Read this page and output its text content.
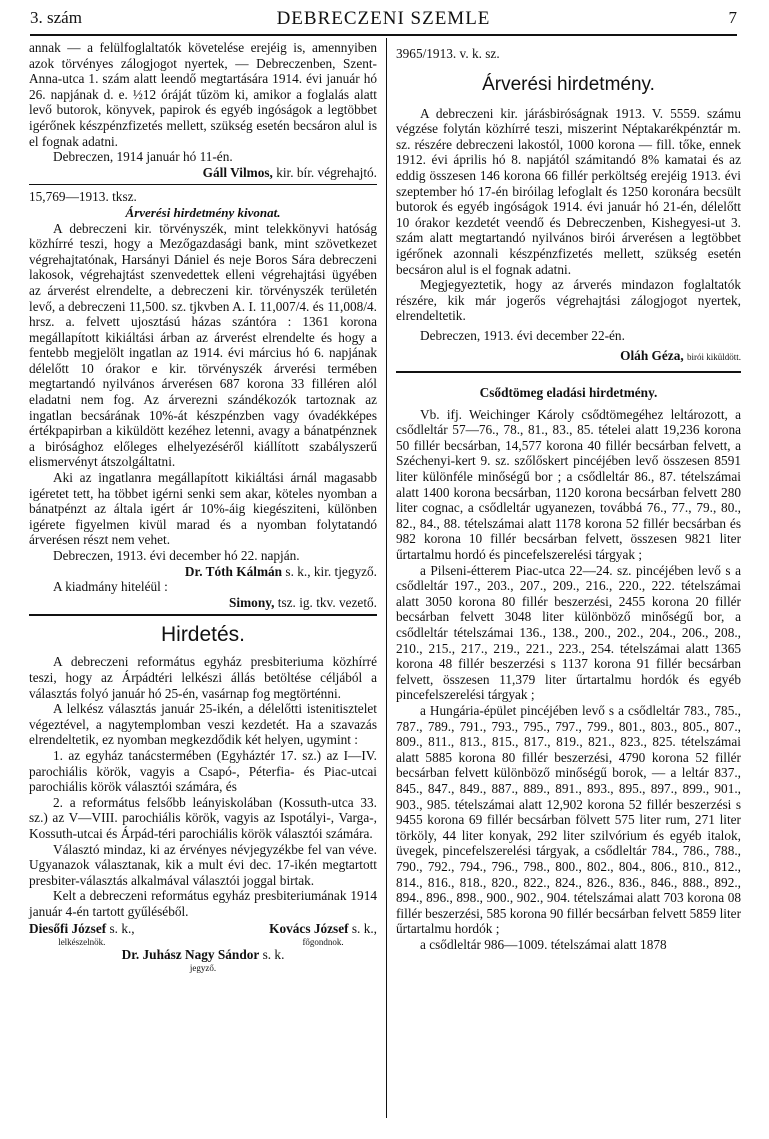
3. szám	DEBRECZENI SZEMLE	7

annak — a felülfoglaltatók követelése erejéig is, amennyiben azok törvényes zálogjogot nyertek, — Debreczenben, Szent-Anna-utca 1. szám alatt leendő megtartására 1914. évi január hó 26. napjának d. e. ½12 óráját tűzöm ki, amikor a foglalás alatt levő butorok, könyvek, papirok és egyéb ingóságok a legtöbbet igérőnek készpénzfizetés mellett, szükség esetén becsáron alul is el fognak adatni.

Debreczen, 1914 január hó 11-én.

Gáll Vilmos, kir. bír. végrehajtó.

15,769—1913. tksz.

Árverési hirdetmény kivonat.

A debreczeni kir. törvényszék, mint telekkönyvi hatóság közhírré teszi, hogy a Mezőgazdasági bank, mint szövetkezet végrehajtatónak, Harsányi Dániel és neje Boros Sára debreczeni lakosok, végrehajtást szenvedettek elleni végrehajtási ügyében az árverést elrendelte, a debreczeni kir. törvényszék területén levő, a debreczeni 11,500. sz. tjkvben A. I. 11,007/4. és 11,008/4. hrsz. a. felvett ujosztású házas szántóra : 1361 korona megállapított kikiáltási árban az árverést elrendelte és hogy a fentebb megjelölt ingatlan az 1914. évi március hó 6. napjának délelőtt 10 órakor e kir. törvényszék árverési termében megtartandó nyilvános árverésen 687 korona 33 filléren alól eladatni nem fog. Az árverezni szándékozók tartoznak az ingatlan becsárának 10%-át készpénzben vagy óvadékképes értékpapirban a kiküldött kezéhez letenni, avagy a bánatpénznek a birósághoz előleges elhelyezéséről kiállított szabályszerű elismervényt átszolgáltatni.

Aki az ingatlanra megállapított kikiáltási árnál magasabb igéretet tett, ha többet igérni senki sem akar, köteles nyomban a bánatpénzt az általa igért ár 10%-áig kiegésziteni, különben igérete figyelmen kivül marad és a nyomban folytatandó árverésen részt nem vehet.

Debreczen, 1913. évi december hó 22. napján.

Dr. Tóth Kálmán s. k., kir. tjegyző.

A kiadmány hiteléül :

Simony, tsz. ig. tkv. vezető.

Hirdetés.

A debreczeni református egyház presbiteriuma közhírré teszi, hogy az Árpádtéri lelkészi állás betöltése céljából a választás folyó január hó 25-én, vasárnap fog megtörténni.

A lelkész választás január 25-ikén, a délelőtti istenitisztelet végeztével, a nagytemplomban veszi kezdetét. Ha a szavazás elrendeltetik, ez nyomban megkezdődik két helyen, ugymint :

1. az egyház tanácstermében (Egyháztér 17. sz.) az I—IV. parochiális körök, vagyis a Csapó-, Péterfia- és Piac-utcai parochiális körök választói számára, és

2. a református felsőbb leányiskolában (Kossuth-utca 33. sz.) az V—VIII. parochiális körök, vagyis az Ispotályi-, Varga-, Kossuth-utcai és Árpád-téri parochiális körök választói számára.

Választó mindaz, ki az érvényes névjegyzékbe fel van véve. Ugyanazok választanak, kik a mult évi dec. 17-ikén megtartott presbiter-választás alkalmával választói joggal birtak.

Kelt a debreczeni református egyház presbiteriumának 1914 január 4-én tartott gyűléséből.

Diesőfi József s. k.,
lelkészelnök.
Kovács József s. k.,
főgondnok.
Dr. Juhász Nagy Sándor s. k.
jegyző.

3965/1913. v. k. sz.

Árverési hirdetmény.

A debreczeni kir. járásbiróságnak 1913. V. 5559. számu végzése folytán közhírré teszi, miszerint Néptakarékpénztár m. sz. részére debreczeni lakostól, 1000 korona — fill. tőke, ennek 1912. évi április hó 8. napjától számitandó 8% kamatai és az eddig összesen 146 korona 66 fillér perköltség erejéig 1913. évi szeptember hó 17-én biróilag lefoglalt és 1250 koronára becsült butorok és egyéb ingóságok 1914. évi január hó 21-én, délelőtt 10 órakor kezdetét veendő és Debreczenben, Kishegyesi-ut 3. szám alatt megtartandó nyilvános birói árverésen a legtöbbet igérőnek azonnali készpénzfizetés mellett, szükség esetén becsáron alul is el fognak adatni.

Megjegyeztetik, hogy az árverés mindazon foglaltatók részére, kik már jogerős végrehajtási zálogjogot nyertek, elrendeltetik.

Debreczen, 1913. évi december 22-én.

Oláh Géza, birói kiküldött.

Csődtömeg eladási hirdetmény.

Vb. ifj. Weichinger Károly csődtömegéhez leltározott, a csődleltár 57—76., 78., 81., 83., 85. tételei alatt 19,236 korona 50 fillér becsárban, 14,577 korona 40 fillér becsárban felvett, a Széchenyi-kert 9. sz. szőlőskert pincéjében levő összesen 8591 liter különféle minőségű bor ; a csődleltár 86., 87. tételszámai alatt 1400 korona becsárban, 1120 korona becsárban felvett 280 liter cognac, a csődleltár ugyanezen, továbbá 76., 77., 79., 80., 82., 84., 88. tételszámai alatt 1178 korona 52 fillér becsárban és 982 korona 10 fillér becsárban felvett, összesen 9821 liter űrtartalmu hordó és pincefelszerelési tárgyak ;

a Pilseni-étterem Piac-utca 22—24. sz. pincéjében levő s a csődleltár 197., 203., 207., 209., 216., 220., 222. tételszámai alatt 3050 korona 80 fillér beszerzési, 2455 korona 20 fillér becsárban felvett 3048 liter különböző minőségű bor, a csődleltár tételszámai 136., 138., 200., 202., 204., 206., 208., 210., 215., 217., 219., 221., 223., 254. tételszámai alatt 1365 korona 48 fillér beszerzési s 1137 korona 91 fillér becsárban felvett, összesen 11,379 liter űrtartalmu hordók és egyéb pincefelszerelési tárgyak ;

a Hungária-épület pincéjében levő s a csődleltár 783., 785., 787., 789., 791., 793., 795., 797., 799., 801., 803., 805., 807., 809., 811., 813., 815., 817., 819., 821., 823., 825. tételszámai alatt 5885 korona 80 fillér beszerzési, 4790 korona 52 fillér becsárban felvett különböző minőségű borok, — a leltár 837., 845., 847., 849., 887., 889., 891., 893., 895., 897., 899., 901., 903., 985. tételszámai alatt 12,902 korona 52 fillér beszerzési s 9455 korona 69 fillér becsárban fölvett 575 liter rum, 271 liter törköly, 44 liter konyak, 292 liter szilvórium és egyéb italok, üvegek, pincefelszerelési tárgyak, a csődleltár 784., 786., 788., 790., 792., 794., 796., 798., 800., 802., 804., 806., 810., 812., 814., 816., 818., 820., 822., 824., 826., 836., 846., 888., 892., 894., 896., 898., 900., 902., 904. tételszámai alatt 703 korona 08 fillér beszerzési, 585 korona 90 fillér becsárban felvett 5859 liter űrtartalmu hordók ;

a csődleltár 986—1009. tételszámai alatt 1878
